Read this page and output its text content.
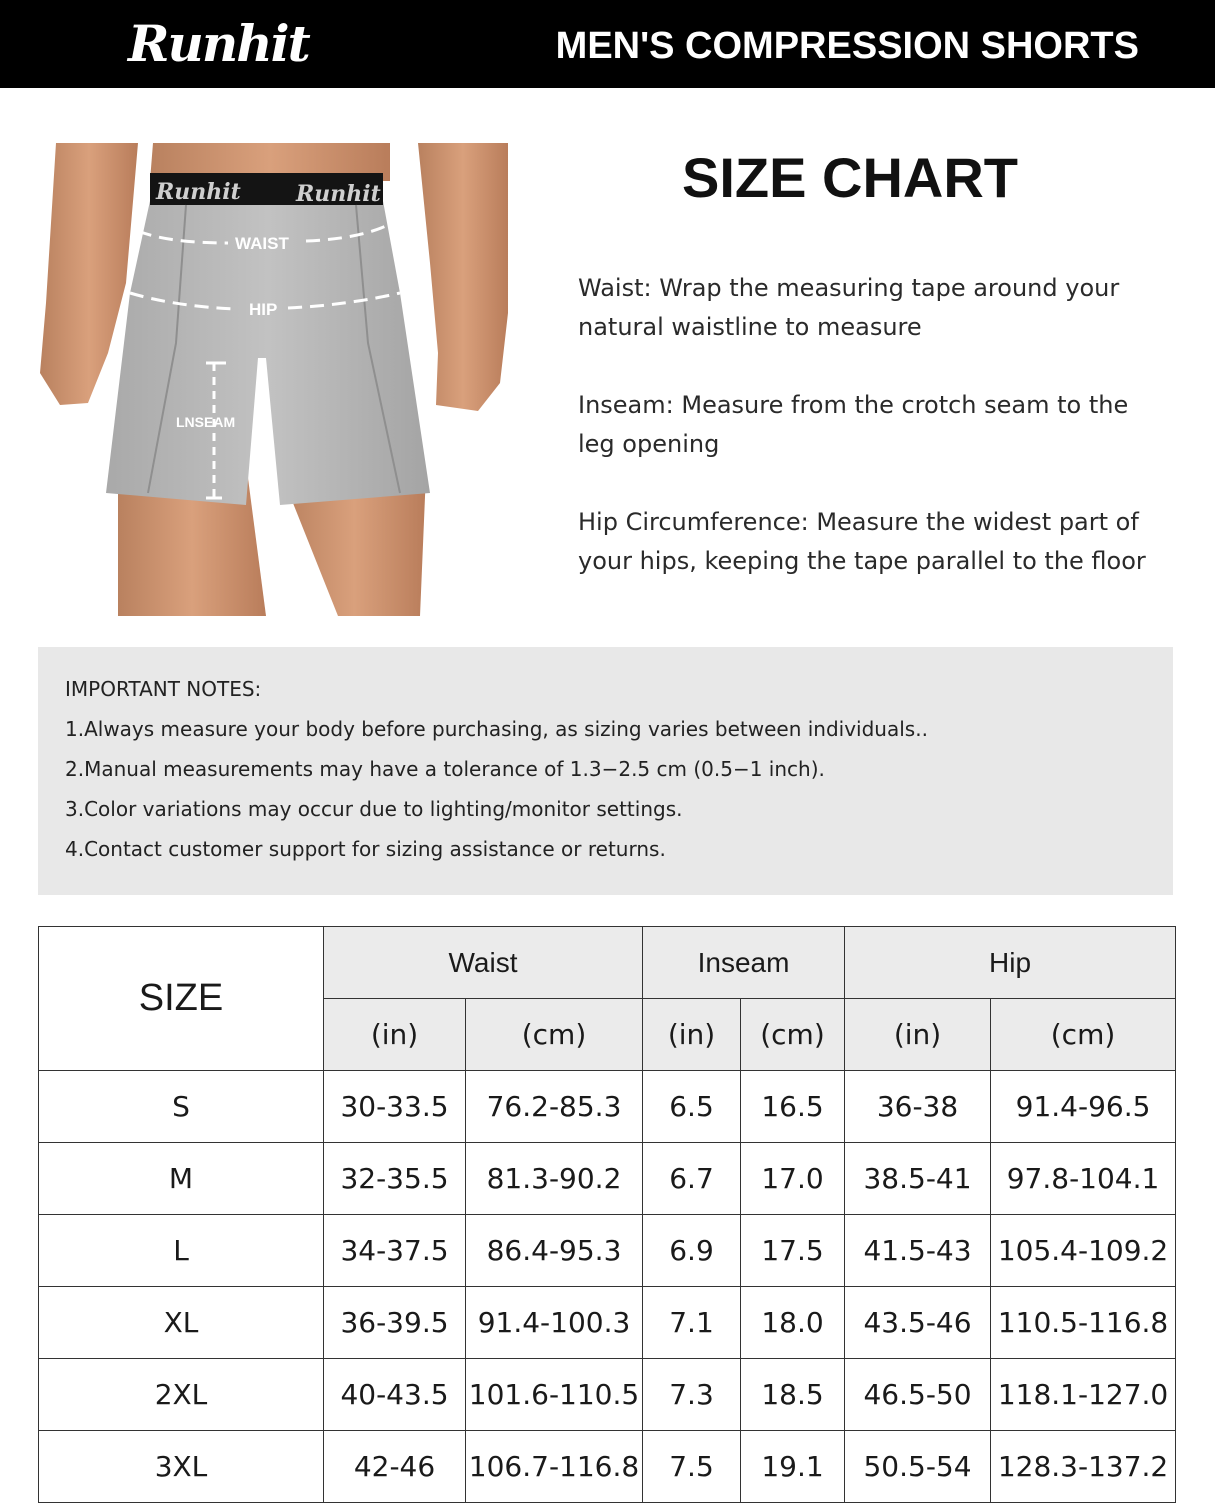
Runhit	MEN'S COMPRESSION SHORTS
Runhit	Runhit
WAIST
HIP
LNSEAM
SIZE CHART
Waist: Wrap the measuring tape around your
natural waistline to measure
Inseam: Measure from the crotch seam to the
leg opening
Hip Circumference: Measure the widest part of
your hips, keeping the tape parallel to the floor
IMPORTANT NOTES:
1.Always measure your body before purchasing, as sizing varies between individuals..
2.Manual measurements may have a tolerance of 1.3−2.5 cm (0.5−1 inch).
3.Color variations may occur due to lighting/monitor settings.
4.Contact customer support for sizing assistance or returns.
SIZE	Waist		Inseam		Hip	
	(in)	(cm)	(in)	(cm)	(in)	(cm)
S	30-33.5	76.2-85.3	6.5	16.5	36-38	91.4-96.5
M	32-35.5	81.3-90.2	6.7	17.0	38.5-41	97.8-104.1
L	34-37.5	86.4-95.3	6.9	17.5	41.5-43	105.4-109.2
XL	36-39.5	91.4-100.3	7.1	18.0	43.5-46	110.5-116.8
2XL	40-43.5	101.6-110.5	7.3	18.5	46.5-50	118.1-127.0
3XL	42-46	106.7-116.8	7.5	19.1	50.5-54	128.3-137.2
